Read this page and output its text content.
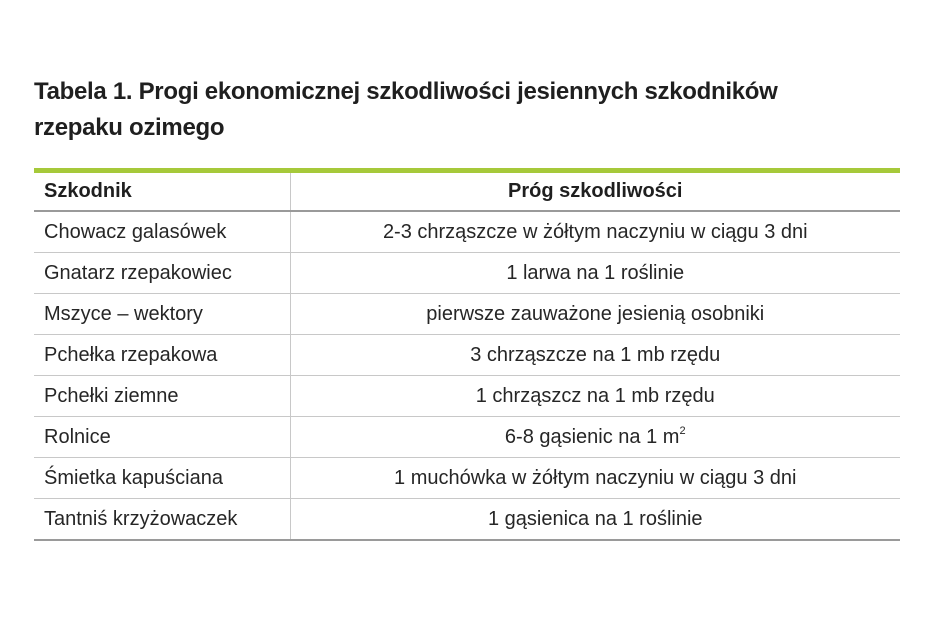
Tabela 1. Progi ekonomicznej szkodliwości jesiennych szkodników
rzepaku ozimego
Szkodnik	Próg szkodliwości
Chowacz galasówek	2-3 chrząszcze w żółtym naczyniu w ciągu 3 dni
Gnatarz rzepakowiec	1 larwa na 1 roślinie
Mszyce – wektory	pierwsze zauważone jesienią osobniki
Pchełka rzepakowa	3 chrząszcze na 1 mb rzędu
Pchełki ziemne	1 chrząszcz na 1 mb rzędu
Rolnice	6-8 gąsienic na 1 $m^2$
Śmietka kapuściana	1 muchówka w żółtym naczyniu w ciągu 3 dni
Tantniś krzyżowaczek	1 gąsienica na 1 roślinie
